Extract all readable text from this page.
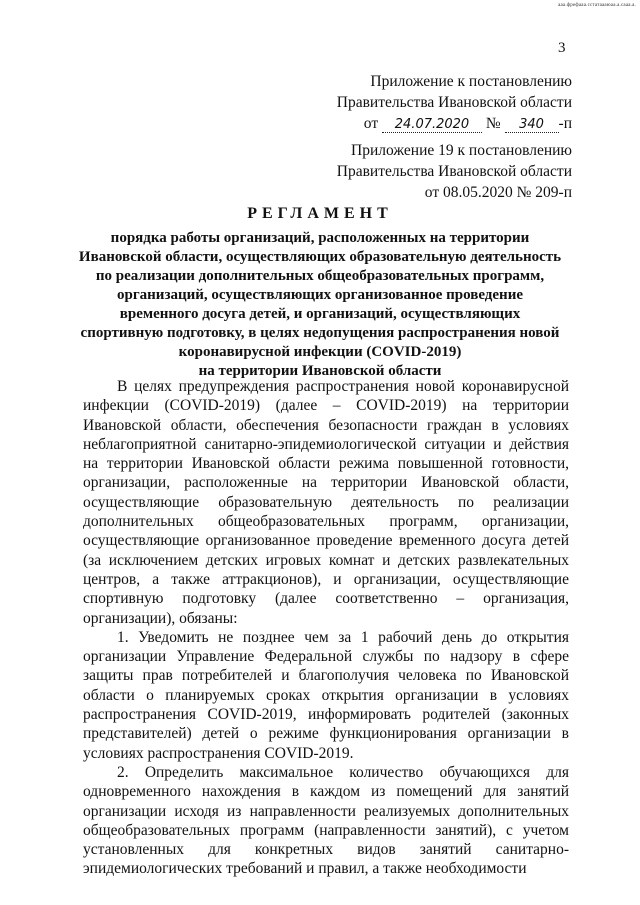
ааа.фрефааа.сстатаааюаа.а.сааа.а.
3
Приложение к постановлению
Правительства Ивановской области
от 24.07.2020 № 340 -п
Приложение 19 к постановлению
Правительства Ивановской области
от 08.05.2020 № 209-п
РЕГЛАМЕНТ
порядка работы организаций, расположенных на территории
Ивановской области, осуществляющих образовательную деятельность
по реализации дополнительных общеобразовательных программ,
организаций, осуществляющих организованное проведение
временного досуга детей, и организаций, осуществляющих
спортивную подготовку, в целях недопущения распространения новой
коронавирусной инфекции (COVID-2019)
на территории Ивановской области

В целях предупреждения распространения новой коронавирусной инфекции (COVID-2019) (далее – COVID-2019) на территории Ивановской области, обеспечения безопасности граждан в условиях неблагоприятной санитарно-эпидемиологической ситуации и действия на территории Ивановской области режима повышенной готовности, организации, расположенные на территории Ивановской области, осуществляющие образовательную деятельность по реализации дополнительных общеобразовательных программ, организации, осуществляющие организованное проведение временного досуга детей (за исключением детских игровых комнат и детских развлекательных центров, а также аттракционов), и организации, осуществляющие спортивную подготовку (далее соответственно – организация, организации), обязаны:

1. Уведомить не позднее чем за 1 рабочий день до открытия организации Управление Федеральной службы по надзору в сфере защиты прав потребителей и благополучия человека по Ивановской области о планируемых сроках открытия организации в условиях распространения COVID-2019, информировать родителей (законных представителей) детей о режиме функционирования организации в условиях распространения COVID-2019.

2. Определить максимальное количество обучающихся для одновременного нахождения в каждом из помещений для занятий организации исходя из направленности реализуемых дополнительных общеобразовательных программ (направленности занятий), с учетом установленных для конкретных видов занятий санитарно-эпидемиологических требований и правил, а также необходимости
